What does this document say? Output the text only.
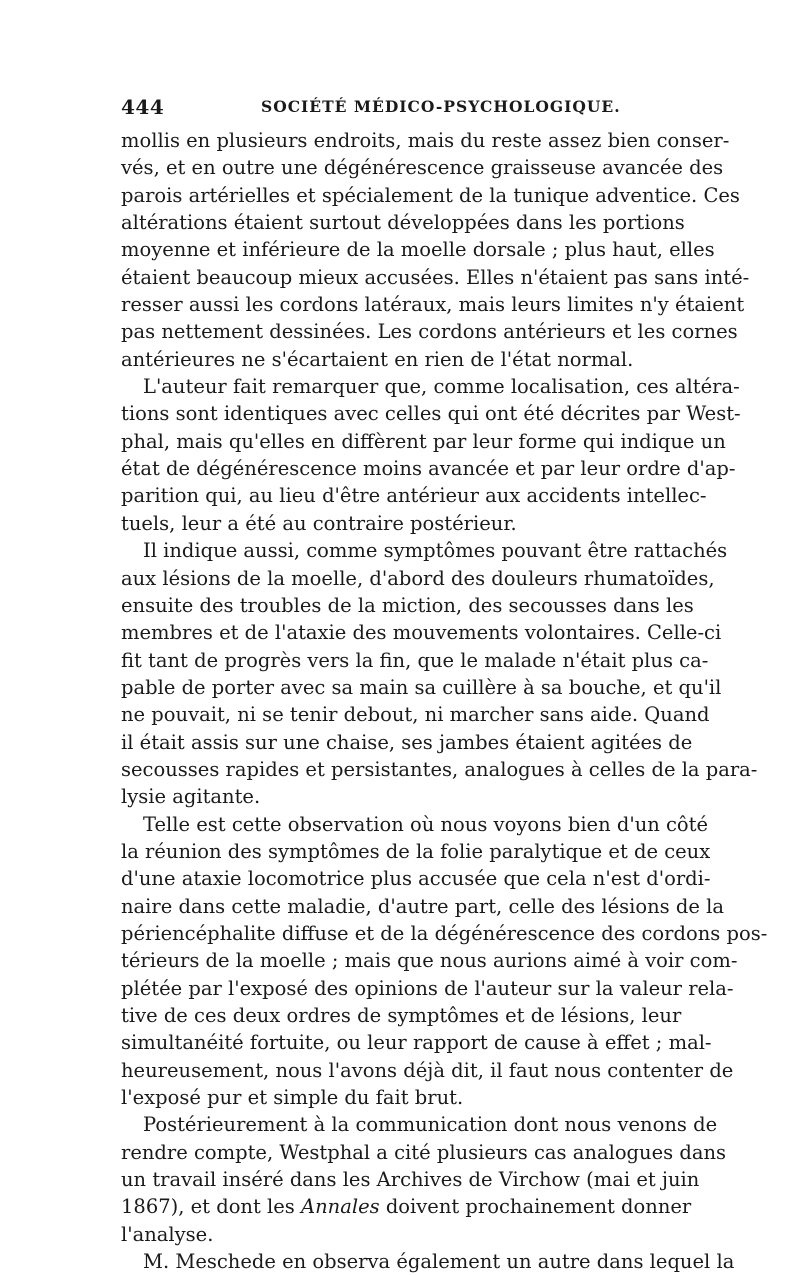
444	SOCIÉTÉ MÉDICO-PSYCHOLOGIQUE.

mollis en plusieurs endroits, mais du reste assez bien conser-
vés, et en outre une dégénérescence graisseuse avancée des
parois artérielles et spécialement de la tunique adventice. Ces
altérations étaient surtout développées dans les portions
moyenne et inférieure de la moelle dorsale ; plus haut, elles
étaient beaucoup mieux accusées. Elles n'étaient pas sans inté-
resser aussi les cordons latéraux, mais leurs limites n'y étaient
pas nettement dessinées. Les cordons antérieurs et les cornes
antérieures ne s'écartaient en rien de l'état normal.

L'auteur fait remarquer que, comme localisation, ces altéra-
tions sont identiques avec celles qui ont été décrites par West-
phal, mais qu'elles en diffèrent par leur forme qui indique un
état de dégénérescence moins avancée et par leur ordre d'ap-
parition qui, au lieu d'être antérieur aux accidents intellec-
tuels, leur a été au contraire postérieur.

Il indique aussi, comme symptômes pouvant être rattachés
aux lésions de la moelle, d'abord des douleurs rhumatoïdes,
ensuite des troubles de la miction, des secousses dans les
membres et de l'ataxie des mouvements volontaires. Celle-ci
fit tant de progrès vers la fin, que le malade n'était plus ca-
pable de porter avec sa main sa cuillère à sa bouche, et qu'il
ne pouvait, ni se tenir debout, ni marcher sans aide. Quand
il était assis sur une chaise, ses jambes étaient agitées de
secousses rapides et persistantes, analogues à celles de la para-
lysie agitante.

Telle est cette observation où nous voyons bien d'un côté
la réunion des symptômes de la folie paralytique et de ceux
d'une ataxie locomotrice plus accusée que cela n'est d'ordi-
naire dans cette maladie, d'autre part, celle des lésions de la
périencéphalite diffuse et de la dégénérescence des cordons pos-
térieurs de la moelle ; mais que nous aurions aimé à voir com-
plétée par l'exposé des opinions de l'auteur sur la valeur rela-
tive de ces deux ordres de symptômes et de lésions, leur
simultanéité fortuite, ou leur rapport de cause à effet ; mal-
heureusement, nous l'avons déjà dit, il faut nous contenter de
l'exposé pur et simple du fait brut.

Postérieurement à la communication dont nous venons de
rendre compte, Westphal a cité plusieurs cas analogues dans
un travail inséré dans les Archives de Virchow (mai et juin
1867), et dont les Annales doivent prochainement donner
l'analyse.

M. Meschede en observa également un autre dans lequel la
